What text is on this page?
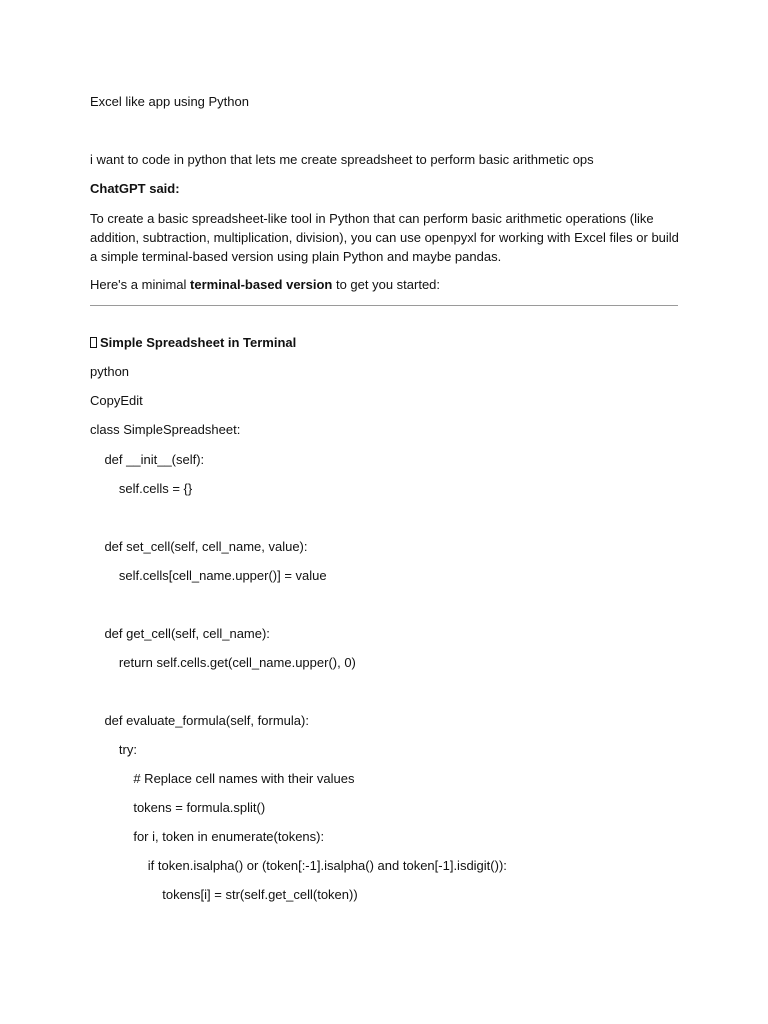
Excel like app using Python
i want to code in python that lets me create spreadsheet to perform basic arithmetic ops
ChatGPT said:
To create a basic spreadsheet-like tool in Python that can perform basic arithmetic operations (like addition, subtraction, multiplication, division), you can use openpyxl for working with Excel files or build a simple terminal-based version using plain Python and maybe pandas.
Here's a minimal terminal-based version to get you started:
Simple Spreadsheet in Terminal
python
CopyEdit
class SimpleSpreadsheet:
def __init__(self):
self.cells = {}
def set_cell(self, cell_name, value):
self.cells[cell_name.upper()] = value
def get_cell(self, cell_name):
return self.cells.get(cell_name.upper(), 0)
def evaluate_formula(self, formula):
try:
# Replace cell names with their values
tokens = formula.split()
for i, token in enumerate(tokens):
if token.isalpha() or (token[:-1].isalpha() and token[-1].isdigit()):
tokens[i] = str(self.get_cell(token))
